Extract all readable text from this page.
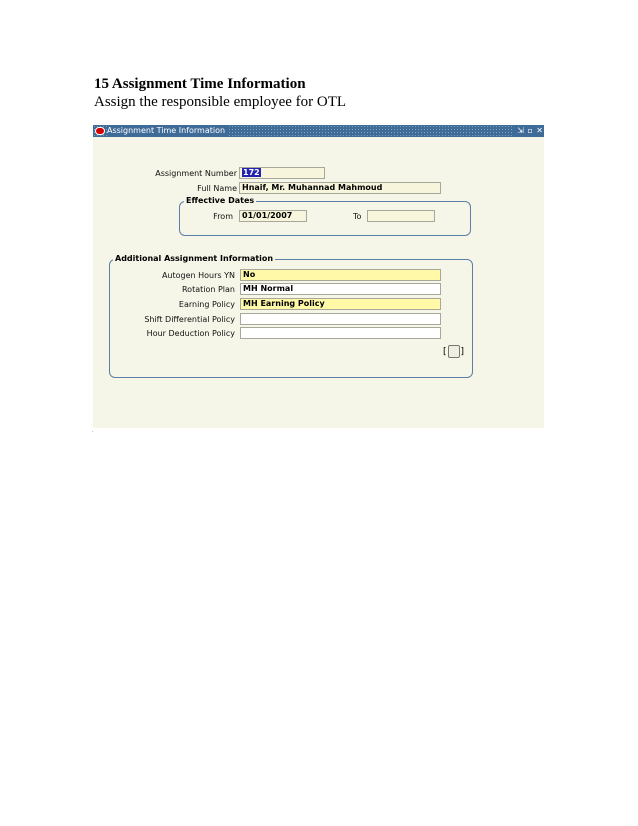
15 Assignment Time Information
Assign the responsible employee for OTL
Assignment Time Information	⇲ ▫ ✕
Assignment Number 172
Full Name Hnaif, Mr. Muhannad Mahmoud
Effective Dates
From	01/01/2007	To
Additional Assignment Information
Autogen Hours YN	No
Rotation Plan	MH Normal
Earning Policy	MH Earning Policy
Shift Differential Policy
Hour Deduction Policy
[ ]
.
